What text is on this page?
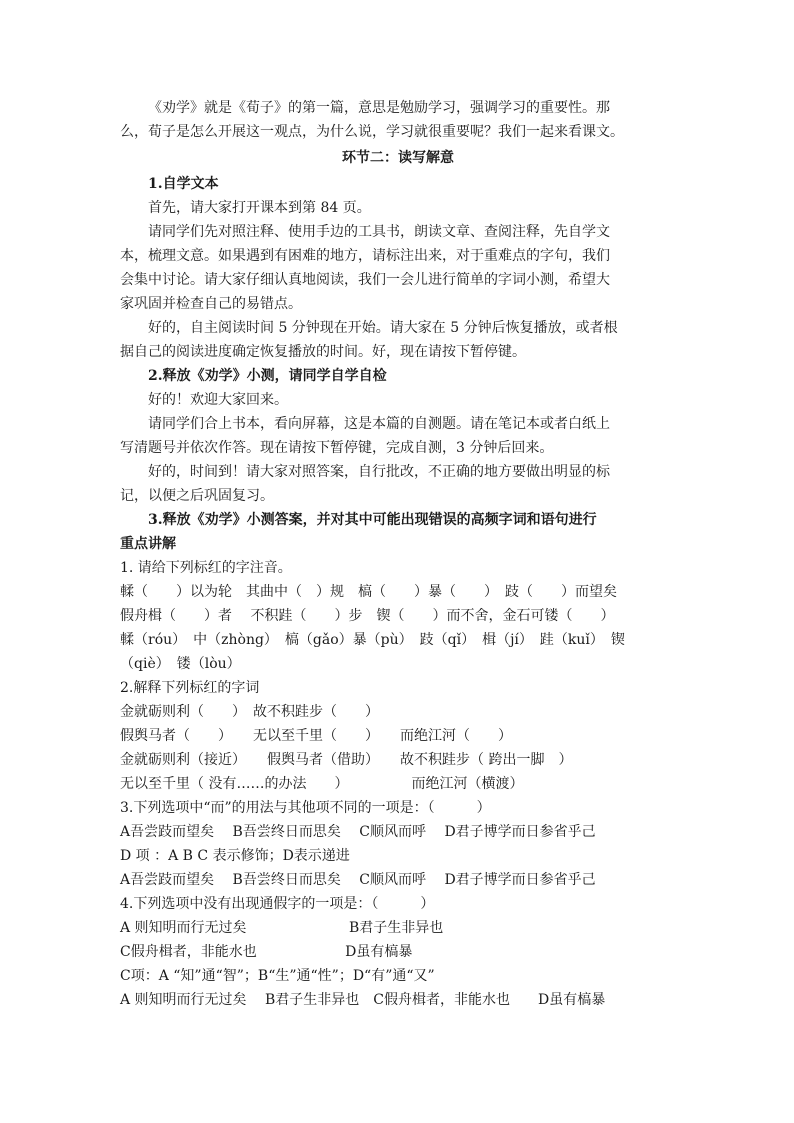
《劝学》就是《荀子》的第一篇，意思是勉励学习，强调学习的重要性。那

么，荀子是怎么开展这一观点，为什么说，学习就很重要呢？我们一起来看课文。

环节二：读写解意

1.自学文本

首先，请大家打开课本到第 84 页。

请同学们先对照注释、使用手边的工具书，朗读文章、查阅注释，先自学文

本，梳理文意。如果遇到有困难的地方，请标注出来，对于重难点的字句，我们

会集中讨论。请大家仔细认真地阅读，我们一会儿进行简单的字词小测，希望大

家巩固并检查自己的易错点。

好的，自主阅读时间 5 分钟现在开始。请大家在 5 分钟后恢复播放，或者根

据自己的阅读进度确定恢复播放的时间。好，现在请按下暂停键。

2.释放《劝学》小测，请同学自学自检

好的！欢迎大家回来。

请同学们合上书本，看向屏幕，这是本篇的自测题。请在笔记本或者白纸上

写清题号并依次作答。现在请按下暂停键，完成自测，3 分钟后回来。

好的，时间到！请大家对照答案，自行批改，不正确的地方要做出明显的标

记，以便之后巩固复习。

3.释放《劝学》小测答案，并对其中可能出现错误的高频字词和语句进行

重点讲解

1. 请给下列标红的字注音。

輮（　　）以为轮　其曲中（　）规　槁（　　）暴（　　）　跂（　　）而望矣

假舟楫（　　）者　 不积跬（　　）步　锲（　　）而不舍，金石可镂（　　）

輮（róu）　中（zhòng）　槁（gǎo）暴（pù）　跂（qǐ）　楫（jí）　跬（kuǐ）　锲

（qiè）　镂（lòu）

2.解释下列标红的字词

金就砺则利（　　）　故不积跬步（　　）

假舆马者（　　）　　无以至千里（　　）　　而绝江河（　　）

金就砺则利（接近）　　假舆马者（借助）　　故不积跬步（ 跨出一脚　）

无以至千里（ 没有……的办法　　）　　　　　而绝江河（横渡）

3.下列选项中“而”的用法与其他项不同的一项是：（　　　）

A吾尝跂而望矣　 B吾尝终日而思矣　 C顺风而呼　 D君子博学而日参省乎己

D 项 ：A B C 表示修饰；D表示递进

A吾尝跂而望矣　 B吾尝终日而思矣　 C顺风而呼　 D君子博学而日参省乎己

4.下列选项中没有出现通假字的一项是：（　　　）

A 则知明而行无过矣　　　　　　　 B君子生非异也

C假舟楫者，非能水也　　　　　　 D虽有槁暴

C项：A “知”通“智”；B“生”通“性”；D“有”通“又”

A 则知明而行无过矣　 B君子生非异也　C假舟楫者，非能水也　　D虽有槁暴
